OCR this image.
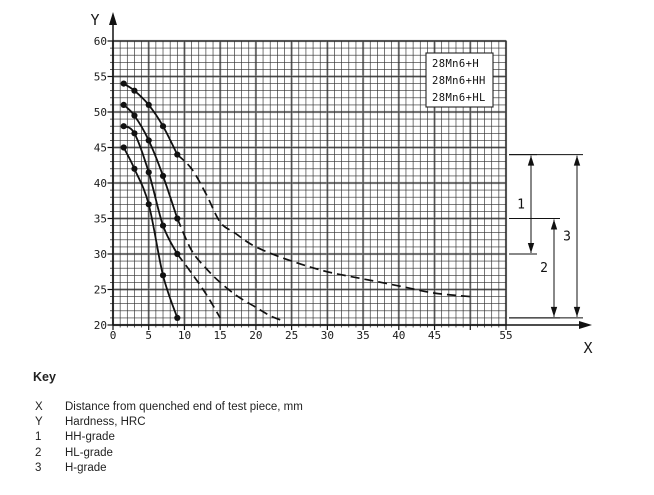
20
25
30
35
40
45
50
55
60
0	5 10 15 20 25 30 35 40 45	55
Y
X
28Mn6+H
28Mn6+HH
28Mn6+HL
1
2
3
Key
X	Distance from quenched end of test piece, mm
Y	Hardness, HRC
1	HH-grade
2	HL-grade
3	H-grade
